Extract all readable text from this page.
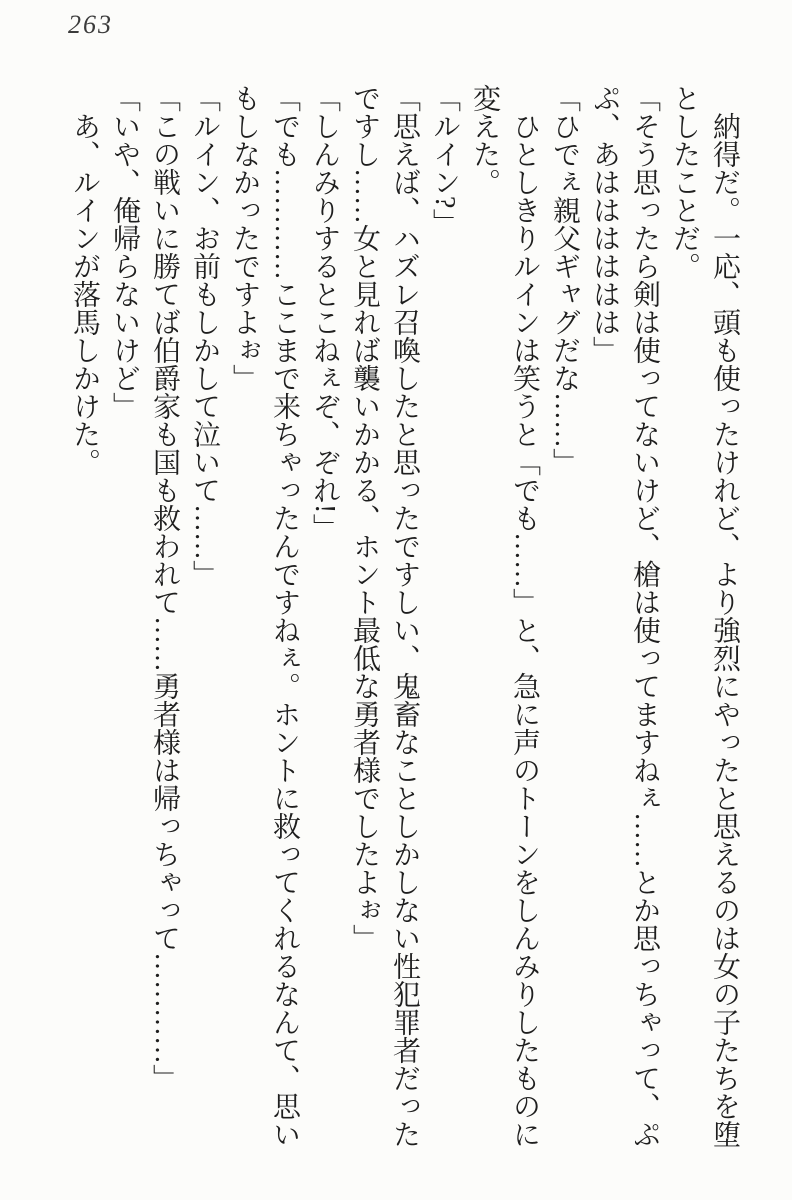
263
　納得だ。一応、頭も使ったけれど、より強烈にやったと思えるのは女の子たちを堕
としたことだ。
「そう思ったら剣は使ってないけど、槍は使ってますねぇ……とか思っちゃって、ぷ
ぷ、あはははははは」
「ひでぇ親父ギャグだな……」
　ひとしきりルインは笑うと「でも……」と、急に声のトーンをしんみりしたものに
変えた。
「ルイン?」
「思えば、ハズレ召喚したと思ったですしい、鬼畜なことしかしない性犯罪者だった
ですし……女と見れば襲いかかる、ホント最低な勇者様でしたよぉ」
「しんみりするとこねぇぞ、ぞれ!」
「でも…………ここまで来ちゃったんですねぇ。ホントに救ってくれるなんて、思い
もしなかったですよぉ」
「ルイン、お前もしかして泣いて……」
「この戦いに勝てば伯爵家も国も救われて……勇者様は帰っちゃって…………」
「いや、俺帰らないけど」
　あ、ルインが落馬しかけた。
